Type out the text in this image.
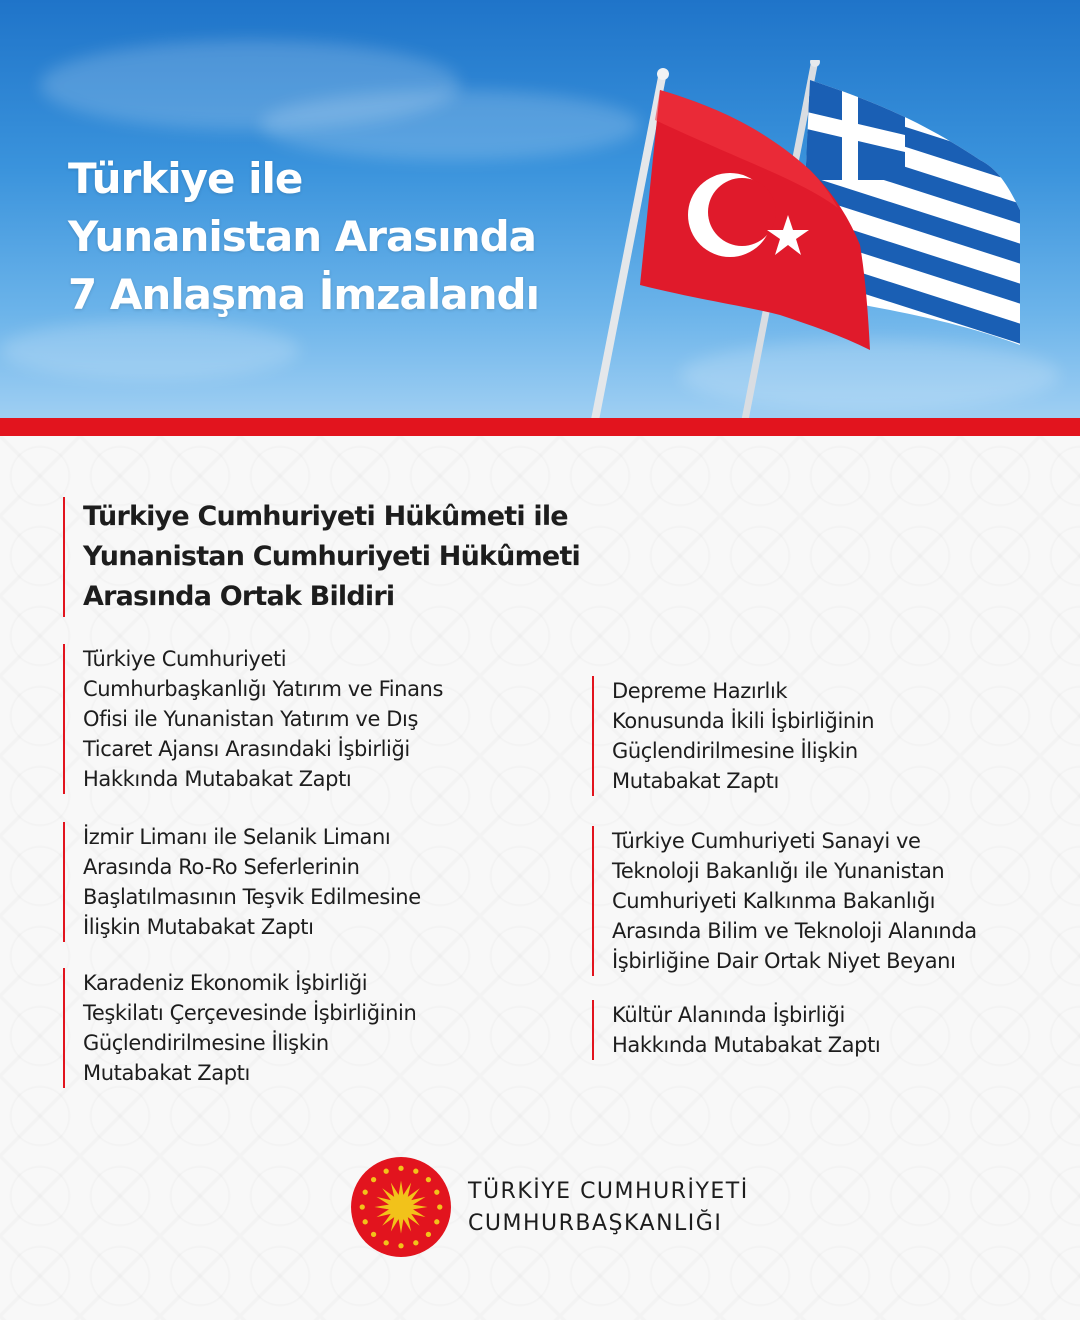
Türkiye ile
Yunanistan Arasında
7 Anlaşma İmzalandı
Türkiye Cumhuriyeti Hükûmeti ile
Yunanistan Cumhuriyeti Hükûmeti
Arasında Ortak Bildiri
Türkiye Cumhuriyeti
Cumhurbaşkanlığı Yatırım ve Finans
Ofisi ile Yunanistan Yatırım ve Dış
Ticaret Ajansı Arasındaki İşbirliği
Hakkında Mutabakat Zaptı
İzmir Limanı ile Selanik Limanı
Arasında Ro-Ro Seferlerinin
Başlatılmasının Teşvik Edilmesine
İlişkin Mutabakat Zaptı
Karadeniz Ekonomik İşbirliği
Teşkilatı Çerçevesinde İşbirliğinin
Güçlendirilmesine İlişkin
Mutabakat Zaptı
Depreme Hazırlık
Konusunda İkili İşbirliğinin
Güçlendirilmesine İlişkin
Mutabakat Zaptı
Türkiye Cumhuriyeti Sanayi ve
Teknoloji Bakanlığı ile Yunanistan
Cumhuriyeti Kalkınma Bakanlığı
Arasında Bilim ve Teknoloji Alanında
İşbirliğine Dair Ortak Niyet Beyanı
Kültür Alanında İşbirliği
Hakkında Mutabakat Zaptı
TÜRKİYE CUMHURİYETİ
CUMHURBAŞKANLIĞI
